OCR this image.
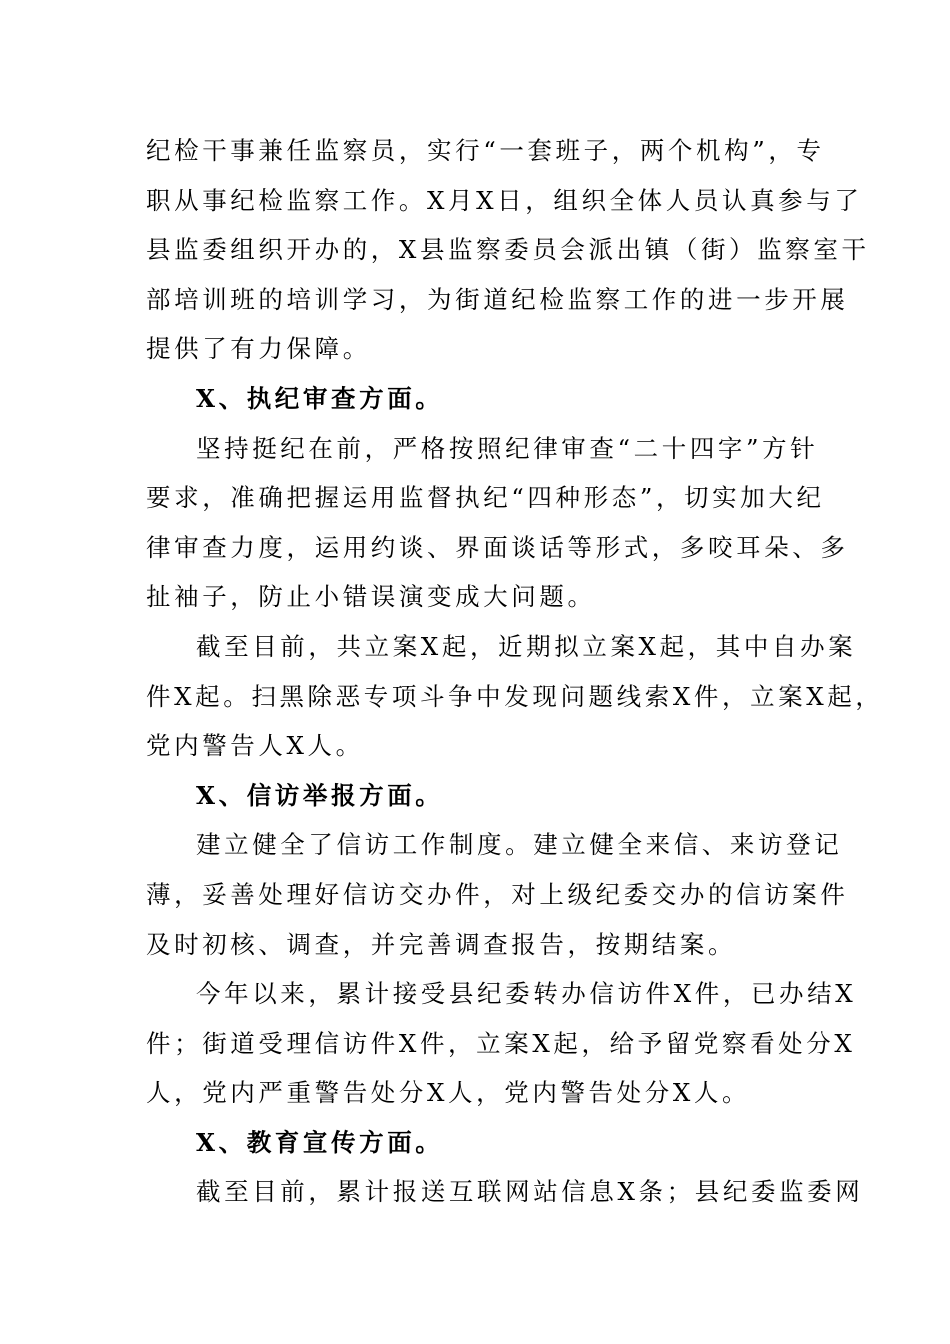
纪检干事兼任监察员，实行“一套班子，两个机构”，专
职从事纪检监察工作。X月X日，组织全体人员认真参与了
县监委组织开办的，X县监察委员会派出镇（街）监察室干
部培训班的培训学习，为街道纪检监察工作的进一步开展
提供了有力保障。
X、执纪审查方面。
坚持挺纪在前，严格按照纪律审查“二十四字”方针
要求，准确把握运用监督执纪“四种形态”，切实加大纪
律审查力度，运用约谈、界面谈话等形式，多咬耳朵、多
扯袖子，防止小错误演变成大问题。
截至目前，共立案X起，近期拟立案X起，其中自办案
件X起。扫黑除恶专项斗争中发现问题线索X件，立案X起，
党内警告人X人。
X、信访举报方面。
建立健全了信访工作制度。建立健全来信、来访登记
薄，妥善处理好信访交办件，对上级纪委交办的信访案件
及时初核、调查，并完善调查报告，按期结案。
今年以来，累计接受县纪委转办信访件X件，已办结X
件；街道受理信访件X件，立案X起，给予留党察看处分X
人，党内严重警告处分X人，党内警告处分X人。
X、教育宣传方面。
截至目前，累计报送互联网站信息X条；县纪委监委网
